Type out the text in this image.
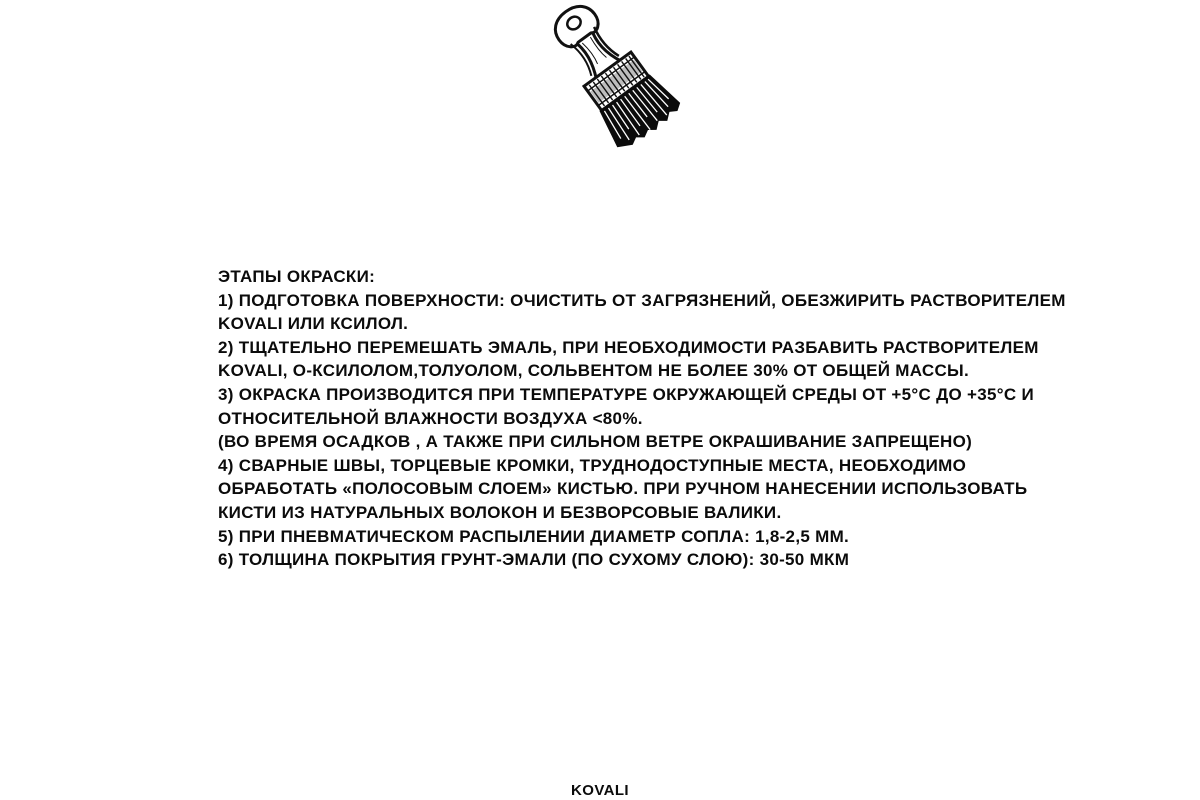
ЭТАПЫ ОКРАСКИ:
1) ПОДГОТОВКА ПОВЕРХНОСТИ: ОЧИСТИТЬ ОТ ЗАГРЯЗНЕНИЙ, ОБЕЗЖИРИТЬ РАСТВОРИТЕЛЕМ
KOVALI ИЛИ КСИЛОЛ.
2) ТЩАТЕЛЬНО ПЕРЕМЕШАТЬ ЭМАЛЬ, ПРИ НЕОБХОДИМОСТИ РАЗБАВИТЬ РАСТВОРИТЕЛЕМ
KOVALI, О-КСИЛОЛОМ,ТОЛУОЛОМ, СОЛЬВЕНТОМ НЕ БОЛЕЕ 30% ОТ ОБЩЕЙ МАССЫ.
3) ОКРАСКА ПРОИЗВОДИТСЯ ПРИ ТЕМПЕРАТУРЕ ОКРУЖАЮЩЕЙ СРЕДЫ ОТ +5°С ДО +35°С И
ОТНОСИТЕЛЬНОЙ ВЛАЖНОСТИ ВОЗДУХА <80%.
(ВО ВРЕМЯ ОСАДКОВ , А ТАКЖЕ ПРИ СИЛЬНОМ ВЕТРЕ ОКРАШИВАНИЕ ЗАПРЕЩЕНО)
4) СВАРНЫЕ ШВЫ, ТОРЦЕВЫЕ КРОМКИ, ТРУДНОДОСТУПНЫЕ МЕСТА, НЕОБХОДИМО
ОБРАБОТАТЬ «ПОЛОСОВЫМ СЛОЕМ» КИСТЬЮ. ПРИ РУЧНОМ НАНЕСЕНИИ ИСПОЛЬЗОВАТЬ
КИСТИ ИЗ НАТУРАЛЬНЫХ ВОЛОКОН И БЕЗВОРСОВЫЕ ВАЛИКИ.
5) ПРИ ПНЕВМАТИЧЕСКОМ РАСПЫЛЕНИИ ДИАМЕТР СОПЛА: 1,8-2,5 ММ.
6) ТОЛЩИНА ПОКРЫТИЯ ГРУНТ-ЭМАЛИ (ПО СУХОМУ СЛОЮ): 30-50 МКМ
KOVALI
